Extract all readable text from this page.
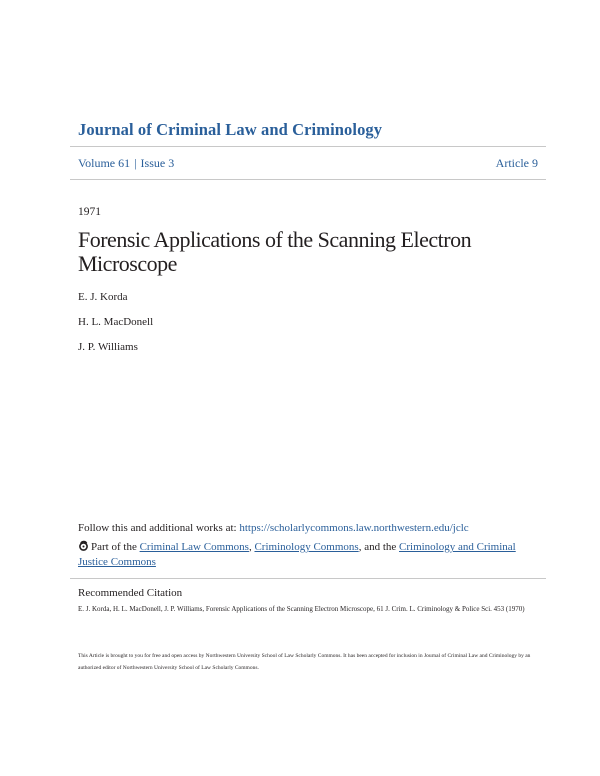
Journal of Criminal Law and Criminology
Volume 61 | Issue 3	Article 9
1971
Forensic Applications of the Scanning Electron Microscope
E. J. Korda
H. L. MacDonell
J. P. Williams
Follow this and additional works at: https://scholarlycommons.law.northwestern.edu/jclc
Part of the Criminal Law Commons, Criminology Commons, and the Criminology and Criminal Justice Commons
Recommended Citation
E. J. Korda, H. L. MacDonell, J. P. Williams, Forensic Applications of the Scanning Electron Microscope, 61 J. Crim. L. Criminology & Police Sci. 453 (1970)
This Article is brought to you for free and open access by Northwestern University School of Law Scholarly Commons. It has been accepted for inclusion in Journal of Criminal Law and Criminology by an authorized editor of Northwestern University School of Law Scholarly Commons.
